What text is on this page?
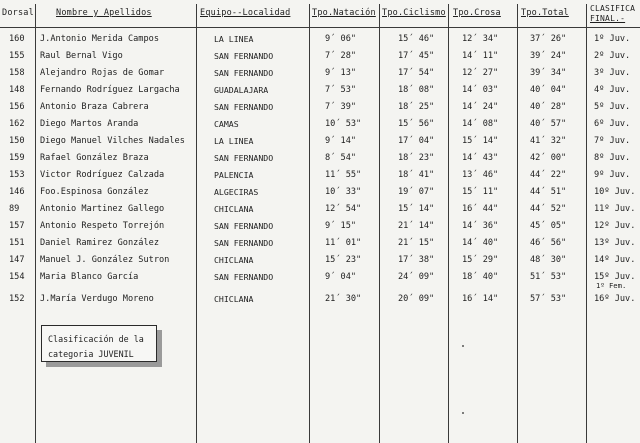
Dorsal	Nombre y Apellidos	Equipo--Localidad	Tpo.Natación Tpo.Ciclismo Tpo.Crosa Tpo.Total	CLASIFICA
FINAL.-
160 J.Antonio Merida Campos	LA LINEA	9´ 06"	15´ 46"	12´ 34"	37´ 26"	1º Juv.
155 Raul Bernal Vigo	SAN FERNANDO	7´ 28"	17´ 45"	14´ 11"	39´ 24"	2º Juv.
158 Alejandro Rojas de Gomar	SAN FERNANDO	9´ 13"	17´ 54"	12´ 27"	39´ 34"	3º Juv.
148 Fernando Rodríguez Largacha	GUADALAJARA	7´ 53"	18´ 08"	14´ 03"	40´ 04"	4º Juv.
156 Antonio Braza Cabrera	SAN FERNANDO	7´ 39"	18´ 25"	14´ 24"	40´ 28"	5º Juv.
162 Diego Martos Aranda	CAMAS	10´ 53"	15´ 56"	14´ 08"	40´ 57"	6º Juv.
150 Diego Manuel Vilches Nadales	LA LINEA	9´ 14"	17´ 04"	15´ 14"	41´ 32"	7º Juv.
159 Rafael González Braza	SAN FERNANDO	8´ 54"	18´ 23"	14´ 43"	42´ 00"	8º Juv.
153 Victor Rodríguez Calzada	PALENCIA	11´ 55"	18´ 41"	13´ 46"	44´ 22"	9º Juv.
146 Foo.Espinosa González	ALGECIRAS	10´ 33"	19´ 07"	15´ 11"	44´ 51"	10º Juv.
89 Antonio Martinez Gallego	CHICLANA	12´ 54"	15´ 14"	16´ 44"	44´ 52"	11º Juv.
157 Antonio Respeto Torrejón	SAN FERNANDO	9´ 15"	21´ 14"	14´ 36"	45´ 05"	12º Juv.
151 Daniel Ramirez González	SAN FERNANDO	11´ 01"	21´ 15"	14´ 40"	46´ 56"	13º Juv.
147 Manuel J. González Sutron	CHICLANA	15´ 23"	17´ 38"	15´ 29"	48´ 30"	14º Juv.
154 Maria Blanco García	SAN FERNANDO	9´ 04"	24´ 09"	18´ 40"	51´ 53"	15º Juv.
1º Fem.
152 J.María Verdugo Moreno	CHICLANA	21´ 30"	20´ 09"	16´ 14"	57´ 53"	16º Juv.
Clasificación de la
categoria JUVENIL
